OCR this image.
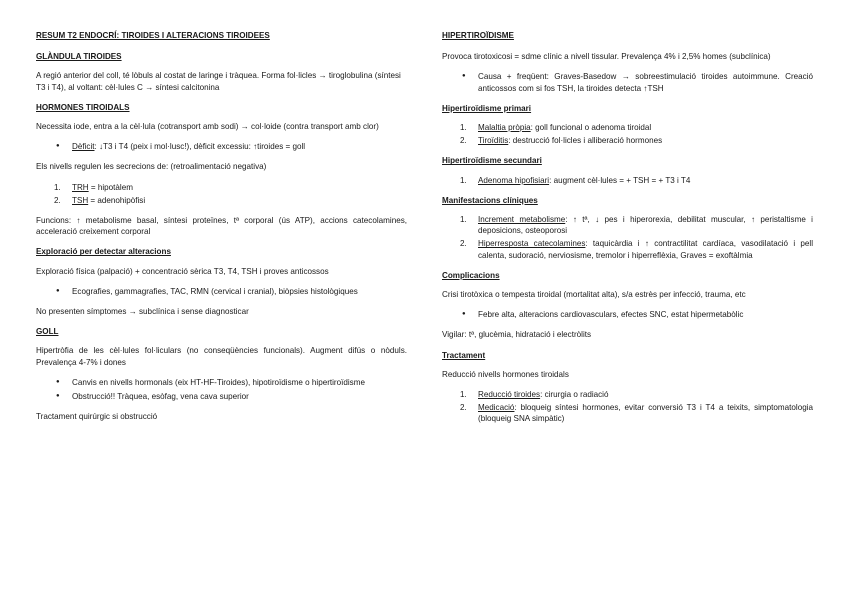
RESUM T2 ENDOCRÍ: TIROIDES I ALTERACIONS TIROIDEES
GLÀNDULA TIROIDES

A regió anterior del coll, té lòbuls al costat de laringe i tràquea. Forma fol·licles → tiroglobulina (síntesi T3 i T4), al voltant: cèl·lules C → síntesi calcitonina

HORMONES TIROIDALS

Necessita iode, entra a la cèl·lula (cotransport amb sodi) → col·loide (contra transport amb clor)

● Dèficit: ↓T3 i T4 (peix i mol·lusc!), dèficit excessiu: ↑tiroides = goll

Els nivells regulen les secrecions de: (retroalimentació negativa)

1. TRH = hipotàlem
2. TSH = adenohipòfisi

Funcions: ↑ metabolisme basal, síntesi proteïnes, tª corporal (ús ATP), accions catecolamines, acceleració creixement corporal

Exploració per detectar alteracions

Exploració física (palpació) + concentració sèrica T3, T4, TSH i proves anticossos

● Ecografies, gammagrafies, TAC, RMN (cervical i cranial), biòpsies histològiques

No presenten símptomes → subclínica i sense diagnosticar

GOLL

Hipertròfia de les cèl·lules fol·liculars (no conseqüències funcionals). Augment difús o nòduls. Prevalença 4-7% i dones

● Canvis en nivells hormonals (eix HT-HF-Tiroides), hipotiroïdisme o hipertiroïdisme
● Obstrucció!! Tràquea, esòfag, vena cava superior

Tractament quirúrgic si obstrucció

HIPERTIROÏDISME

Provoca tirotoxicosi = sdme clínic a nivell tissular. Prevalença 4% i 2,5% homes (subclínica)

● Causa + freqüent: Graves-Basedow → sobreestimulació tiroides autoimmune. Creació anticossos com si fos TSH, la tiroides detecta ↑TSH
Hipertiroïdisme primari
1. Malaltia pròpia: goll funcional o adenoma tiroidal
2. Tiroïditis: destrucció fol·licles i alliberació hormones
Hipertiroïdisme secundari
1. Adenoma hipofisiari: augment cèl·lules = + TSH = + T3 i T4
Manifestacions clíniques
1. Increment metabolisme: ↑ tª, ↓ pes i hiperorexia, debilitat muscular, ↑ peristaltisme i deposicions, osteoporosi
2. Hiperresposta catecolamines: taquicàrdia i ↑ contractilitat cardíaca, vasodilatació i pell calenta, sudoració, nerviosisme, tremolor i hiperreflèxia, Graves = exoftàlmia
Complicacions

Crisi tirotòxica o tempesta tiroidal (mortalitat alta), s/a estrès per infecció, trauma, etc

● Febre alta, alteracions cardiovasculars, efectes SNC, estat hipermetabòlic

Vigilar: tª, glucèmia, hidratació i electròlits

Tractament

Reducció nivells hormones tiroidals

1. Reducció tiroides: cirurgia o radiació
2. Medicació: bloqueig síntesi hormones, evitar conversió T3 i T4 a teixits, simptomatologia (bloqueig SNA simpàtic)
